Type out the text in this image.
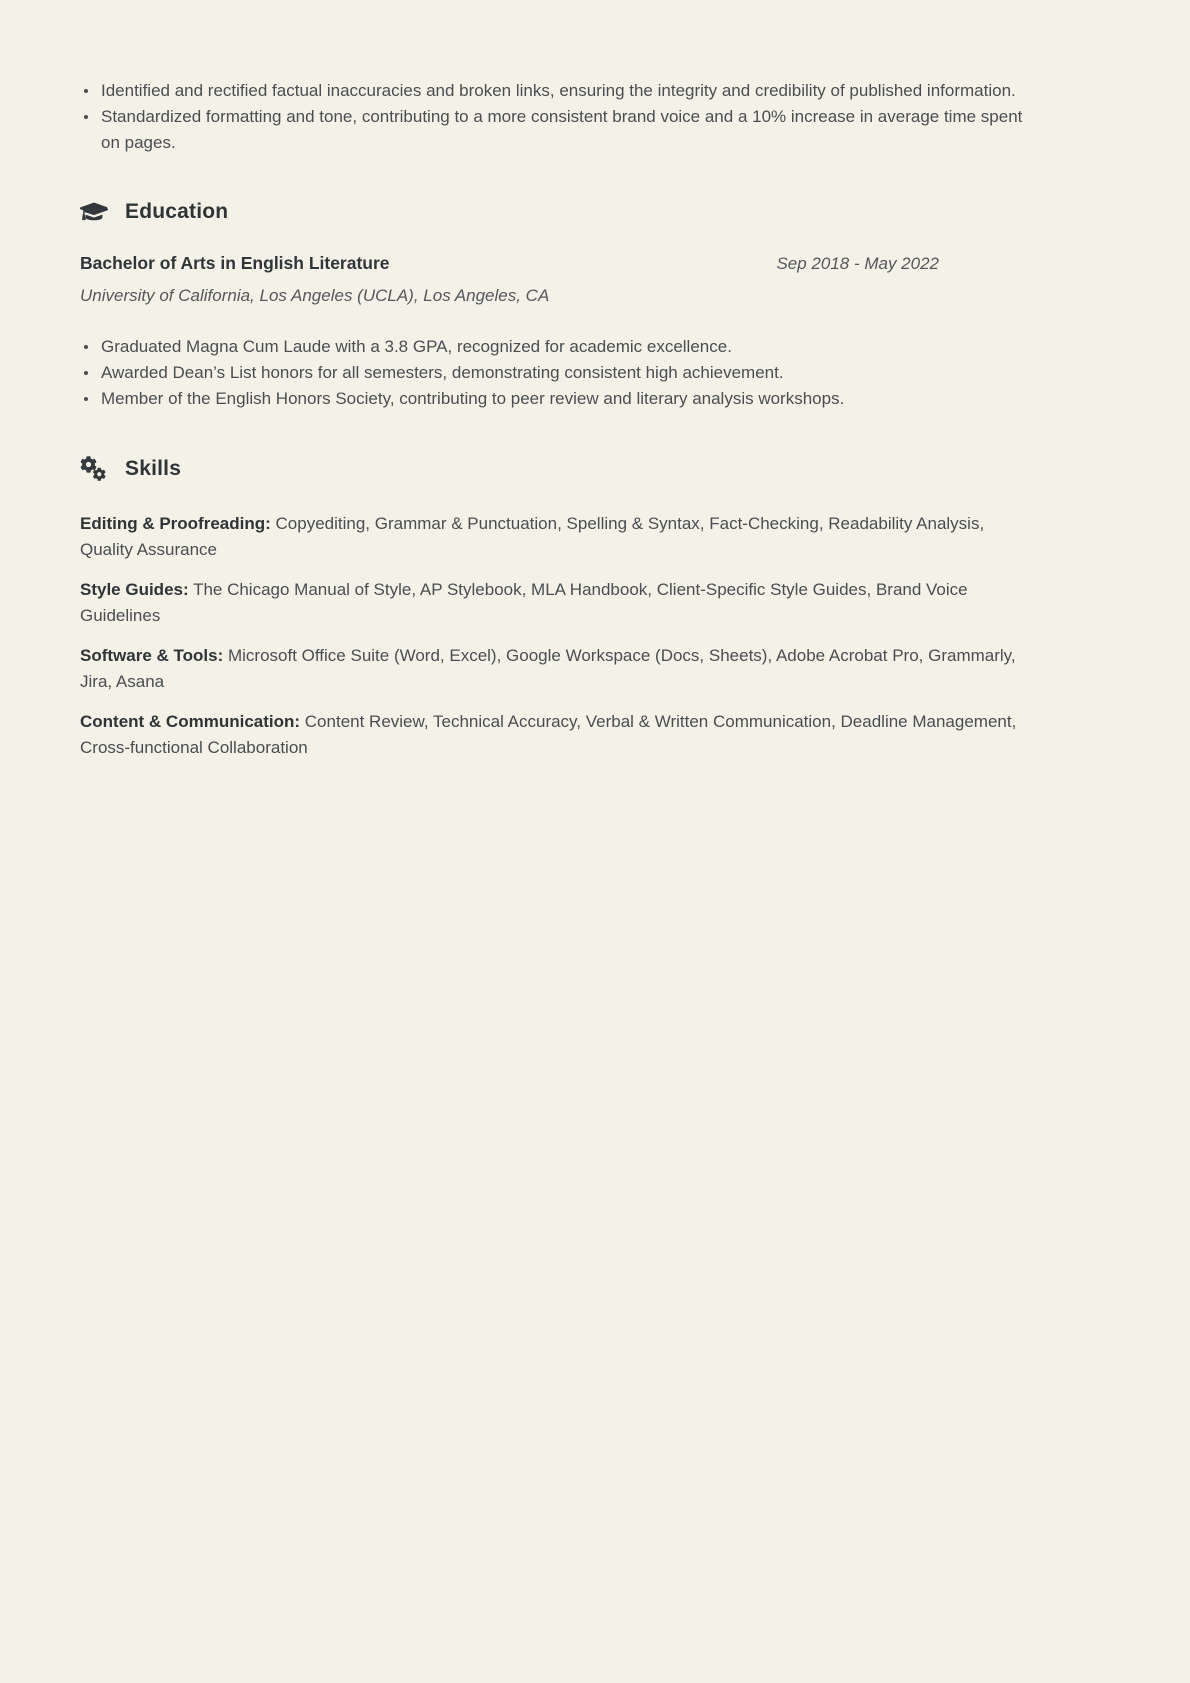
Identified and rectified factual inaccuracies and broken links, ensuring the integrity and credibility of published information.
Standardized formatting and tone, contributing to a more consistent brand voice and a 10% increase in average time spent on pages.
Education
Bachelor of Arts in English Literature	Sep 2018 - May 2022
University of California, Los Angeles (UCLA), Los Angeles, CA
Graduated Magna Cum Laude with a 3.8 GPA, recognized for academic excellence.
Awarded Dean’s List honors for all semesters, demonstrating consistent high achievement.
Member of the English Honors Society, contributing to peer review and literary analysis workshops.
Skills

Editing & Proofreading: Copyediting, Grammar & Punctuation, Spelling & Syntax, Fact-Checking, Readability Analysis, Quality Assurance

Style Guides: The Chicago Manual of Style, AP Stylebook, MLA Handbook, Client-Specific Style Guides, Brand Voice Guidelines

Software & Tools: Microsoft Office Suite (Word, Excel), Google Workspace (Docs, Sheets), Adobe Acrobat Pro, Grammarly, Jira, Asana

Content & Communication: Content Review, Technical Accuracy, Verbal & Written Communication, Deadline Management, Cross-functional Collaboration
